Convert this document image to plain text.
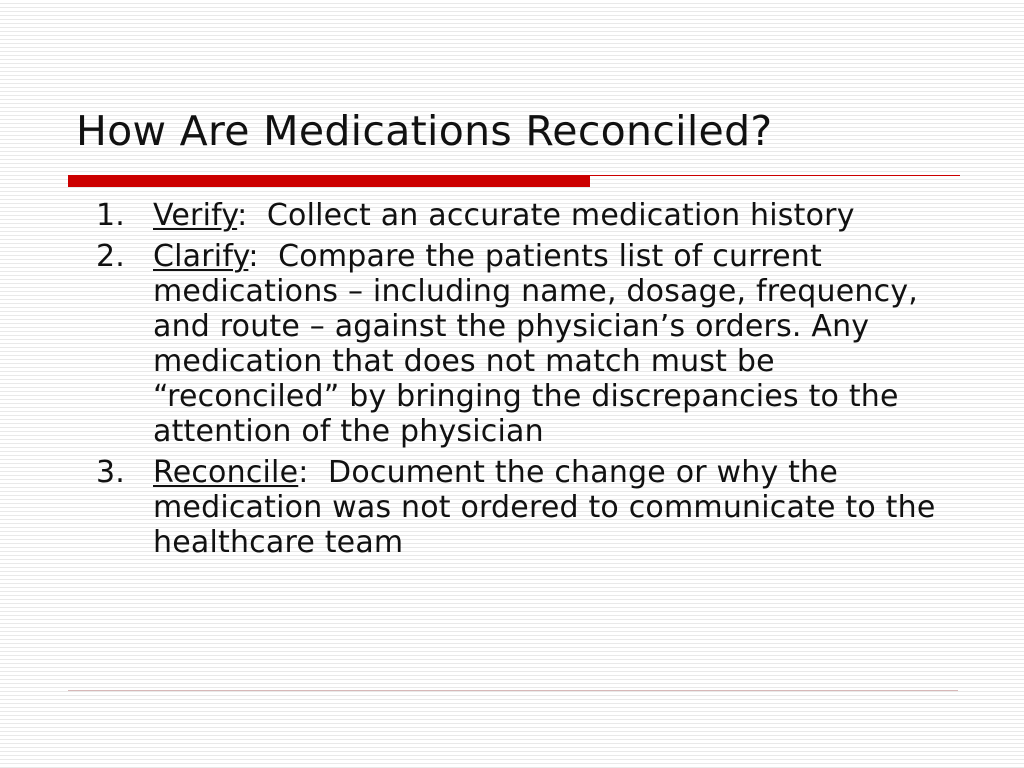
How Are Medications Reconciled?
1. Verify:  Collect an accurate medication history
2. Clarify:  Compare the patients list of current medications – including name, dosage, frequency, and route – against the physician’s orders. Any medication that does not match must be “reconciled” by bringing the discrepancies to the attention of the physician
3. Reconcile:  Document the change or why the medication was not ordered to communicate to the healthcare team
